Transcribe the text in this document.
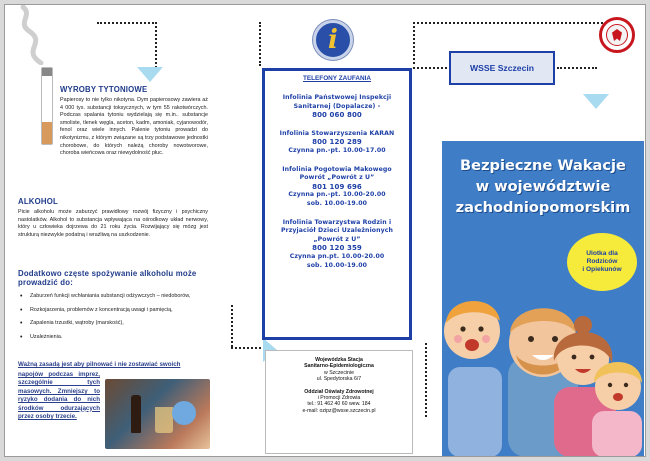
WYROBY TYTONIOWE
Papierosy to nie tylko nikotyna. Dym papierosowy zawiera aż 4 000 tys. substancji toksycznych, w tym 55 rakotwórczych. Podczas spalania tytoniu wydzielają się m.in.. substancje smoliste, tlenek węgla, aceton, kadm, amoniak, cyjanowodór, fenol oraz wiele innych. Palenie tytoniu prowadzi do nikotynizmu, z którym związane są trzy podstawowe jednostki chorobowe, do których należą choroby nowotworowe, choroba wieńcowa oraz niewydolność płuc.
ALKOHOL
Picie alkoholu może zaburzyć prawidłowy rozwój fizyczny i psychiczny nastolatków. Alkohol to substancja wpływająca na ośrodkowy układ nerwowy, który u człowieka dojrzewa do 21 roku życia. Rozwijający się mózg jest strukturą niezwykle podatną i wrażliwą na uszkodzenie.
Dodatkowo częste spożywanie alkoholu może prowadzić do:
• Zaburzeń funkcji wchłaniania substancji odżywczych – niedoborów,
• Rozkojarzenia, problemów z koncentracją uwagi i pamięcią,
• Zapalenia trzustki, wątroby (marskość),
• Uzależnienia.
Ważną zasadą jest aby pilnować i nie zostawiać swoich
napojów podczas imprez, szczególnie tych masowych. Zmniejszy to ryzyko dodania do nich środków odurzających przez osoby trzecie.
i
TELEFONY ZAUFANIA
Infolinia Państwowej Inspekcji Sanitarnej (Dopalacze) -
800 060 800
Infolinia Stowarzyszenia KARAN
800 120 289
Czynna pn.-pt. 10.00-17.00
Infolinia Pogotowia Makowego Powrót „Powrót z U”
801 109 696
Czynna pn.-pt. 10.00-20.00
sob. 10.00-19.00
Infolinia Towarzystwa Rodzin i Przyjaciół Dzieci Uzależnionych „Powrót z U”
800 120 359
Czynna pn.pt. 10.00-20.00
sob. 10.00-19.00
Wojewódzka Stacja
Sanitarno-Epidemiologiczna
w Szczecinie
ul. Spedytorska 6/7
Oddział Oświaty Zdrowotnej
i Promocji Zdrowia
tel.: 91 462 40 60 wew. 184
e-mail: ozipz@wsse.szczecin.pl
WSSE Szczecin
Bezpieczne Wakacje
w województwie
zachodniopomorskim
Ulotka dla
Rodziców
i Opiekunów
